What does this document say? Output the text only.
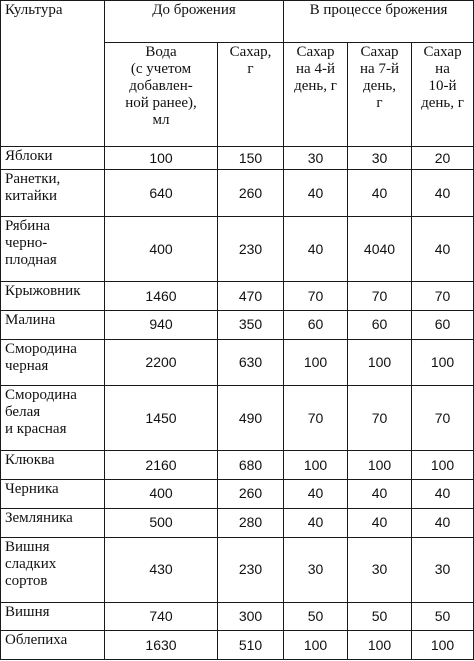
Культура	До брожения		В процессе брожения		

	Вода
(с учетом
добавлен-
ной ранее),
мл	Сахар,
г	Сахар
на 4-й
день, г	Сахар
на 7-й
день,
г	Сахар
на
10-й
день, г

Яблоки	100	150	30	30	20

Ранетки,
китайки	640	260	40	40	40

Рябина
черно-
плодная	400	230	40	4040	40

Крыжовник	1460	470	70	70	70

Малина	940	350	60	60	60

Смородина
черная	2200	630	100	100	100

Смородина
белая
и красная	1450	490	70	70	70

Клюква	2160	680	100	100	100

Черника	400	260	40	40	40

Земляника	500	280	40	40	40

Вишня
сладких
сортов	430	230	30	30	30

Вишня	740	300	50	50	50

Облепиха	1630	510	100	100	100
